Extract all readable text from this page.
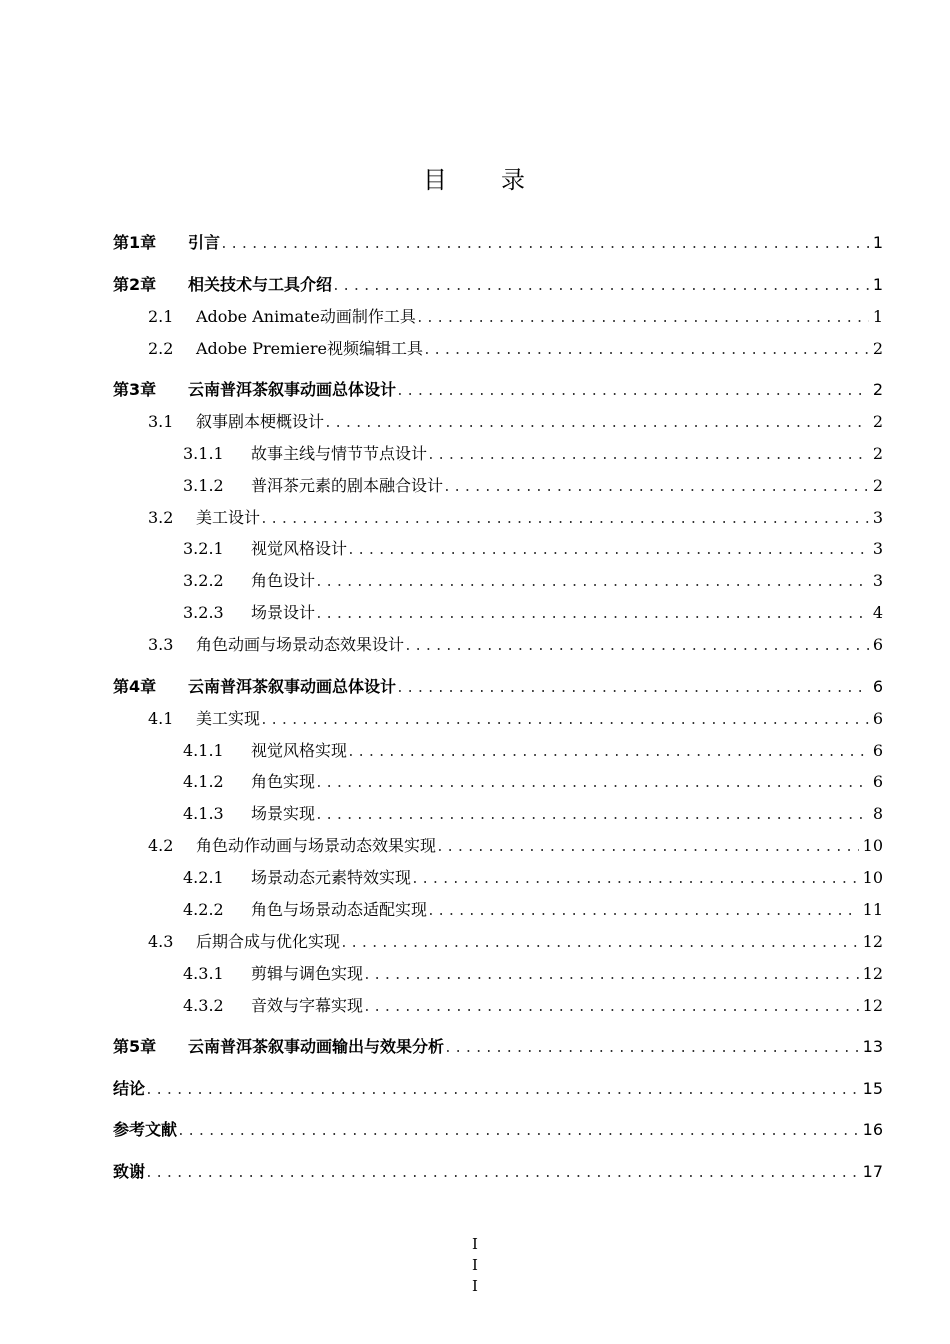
目　　录
第1章	引言 .....	1
第2章	相关技术与工具介绍 .....	1
2.1	Adobe Animate动画制作工具 .....	1
2.2	Adobe Premiere视频编辑工具 .....	2
第3章	云南普洱茶叙事动画总体设计 .....	2
3.1	叙事剧本梗概设计 .....	2
3.1.1	故事主线与情节节点设计 .....	2
3.1.2	普洱茶元素的剧本融合设计 .....	2
3.2	美工设计 .....	3
3.2.1	视觉风格设计 .....	3
3.2.2	角色设计 .....	3
3.2.3	场景设计 .....	4
3.3	角色动画与场景动态效果设计 .....	6
第4章	云南普洱茶叙事动画总体设计 .....	6
4.1	美工实现 .....	6
4.1.1	视觉风格实现 .....	6
4.1.2	角色实现 .....	6
4.1.3	场景实现 .....	8
4.2	角色动作动画与场景动态效果实现 .....	10
4.2.1	场景动态元素特效实现 .....	10
4.2.2	角色与场景动态适配实现 .....	11
4.3	后期合成与优化实现 .....	12
4.3.1	剪辑与调色实现 .....	12
4.3.2	音效与字幕实现 .....	12
第5章	云南普洱茶叙事动画输出与效果分析 .....	13
结论 .....	15
参考文献 .....	16
致谢 .....	17
I
I
I
